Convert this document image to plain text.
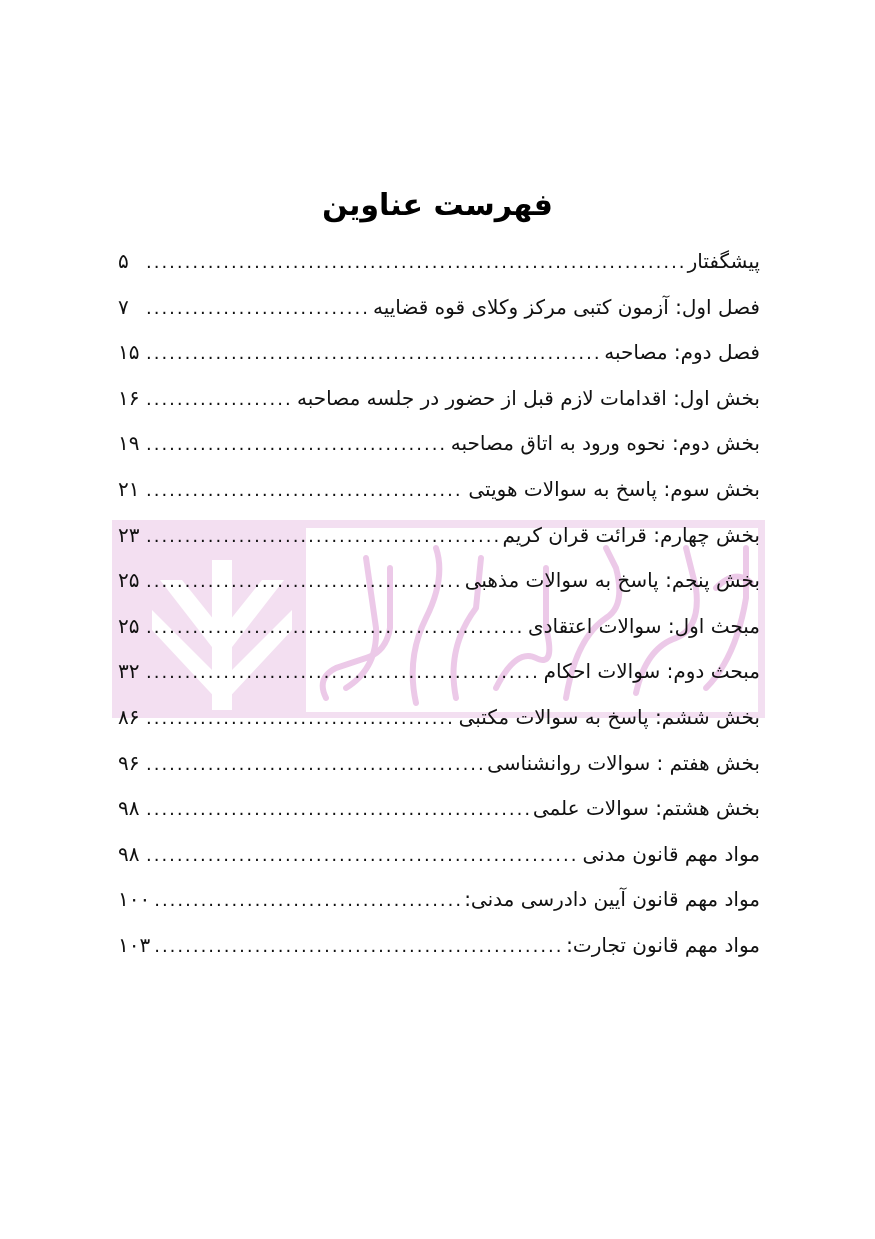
فهرست عناوین
پیشگفتار
.....
۵
فصل اول: آزمون کتبی مرکز وکلای قوه قضاییه
.....
۷
فصل دوم: مصاحبه
.....
۱۵
بخش اول: اقدامات لازم قبل از حضور در جلسه مصاحبه
.....
۱۶
بخش دوم: نحوه ورود به اتاق مصاحبه
.....
۱۹
بخش سوم: پاسخ به سوالات هویتی
.....
۲۱
بخش چهارم: قرائت قران کریم
.....
۲۳
بخش پنجم: پاسخ به سوالات مذهبی
.....
۲۵
مبحث اول: سوالات اعتقادی
.....
۲۵
مبحث دوم: سوالات احکام
.....
۳۲
بخش ششم: پاسخ به سوالات مکتبی
.....
۸۶
بخش هفتم : سوالات روانشناسی
.....
۹۶
بخش هشتم: سوالات علمی
.....
۹۸
مواد مهم قانون مدنی
.....
۹۸
مواد مهم قانون آیین دادرسی مدنی:
.....
۱۰۰
مواد مهم قانون تجارت:
.....
۱۰۳
